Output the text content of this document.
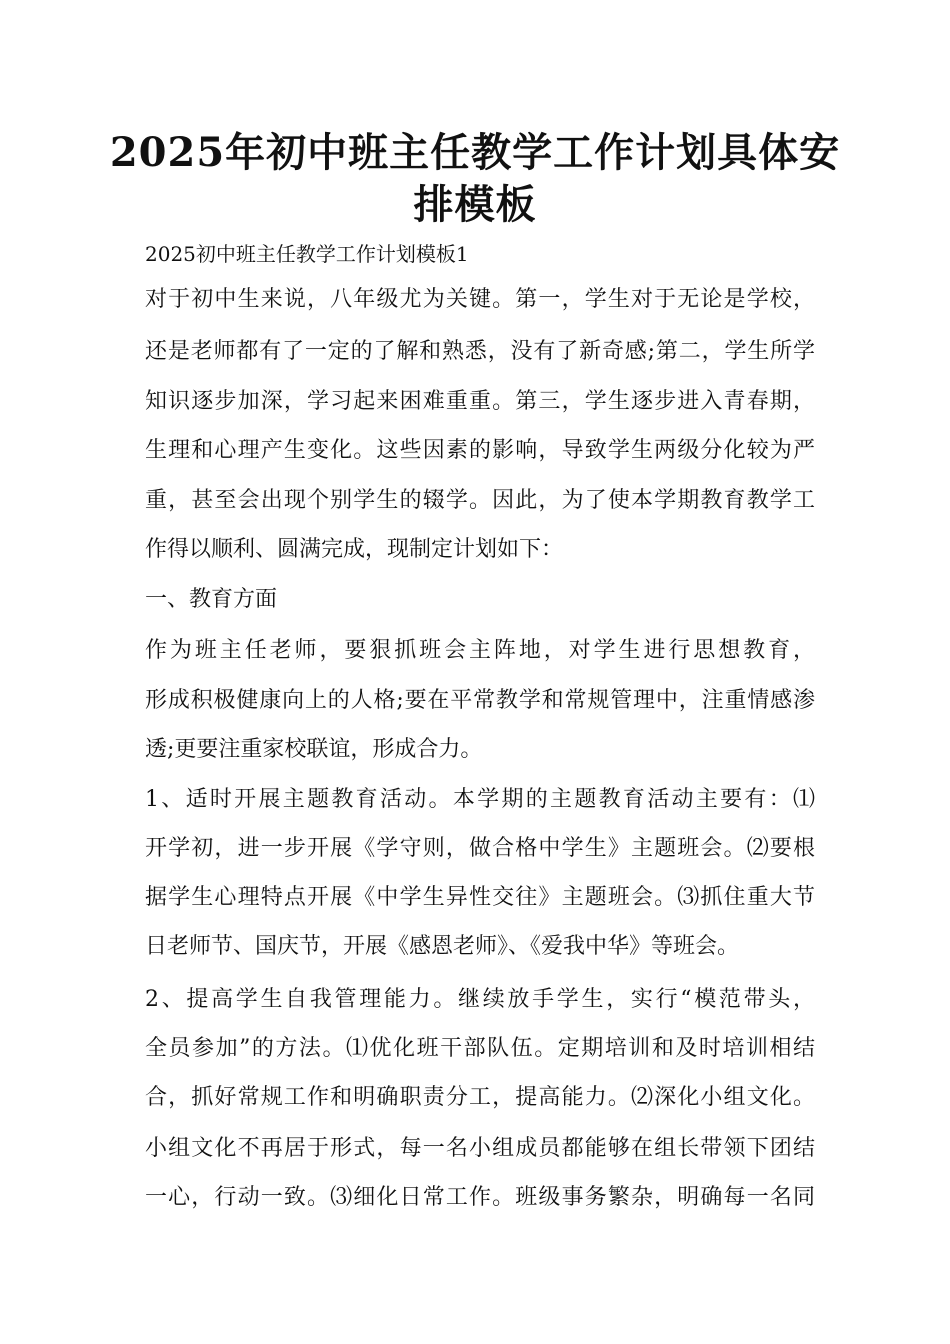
2025年初中班主任教学工作计划具体安
排模板

2025初中班主任教学工作计划模板1

对于初中生来说，八年级尤为关键。第一，学生对于无论是学校，

还是老师都有了一定的了解和熟悉，没有了新奇感;第二，学生所学

知识逐步加深，学习起来困难重重。第三，学生逐步进入青春期，

生理和心理产生变化。这些因素的影响，导致学生两级分化较为严

重，甚至会出现个别学生的辍学。因此，为了使本学期教育教学工

作得以顺利、圆满完成，现制定计划如下：

一、教育方面

作为班主任老师，要狠抓班会主阵地，对学生进行思想教育，

形成积极健康向上的人格;要在平常教学和常规管理中，注重情感渗

透;更要注重家校联谊，形成合力。

1、适时开展主题教育活动。本学期的主题教育活动主要有：⑴

开学初，进一步开展《学守则，做合格中学生》主题班会。⑵要根

据学生心理特点开展《中学生异性交往》主题班会。⑶抓住重大节

日老师节、国庆节，开展《感恩老师》、《爱我中华》等班会。

2、提高学生自我管理能力。继续放手学生，实行“模范带头，

全员参加”的方法。⑴优化班干部队伍。定期培训和及时培训相结

合，抓好常规工作和明确职责分工，提高能力。⑵深化小组文化。

小组文化不再居于形式，每一名小组成员都能够在组长带领下团结

一心，行动一致。⑶细化日常工作。班级事务繁杂，明确每一名同
